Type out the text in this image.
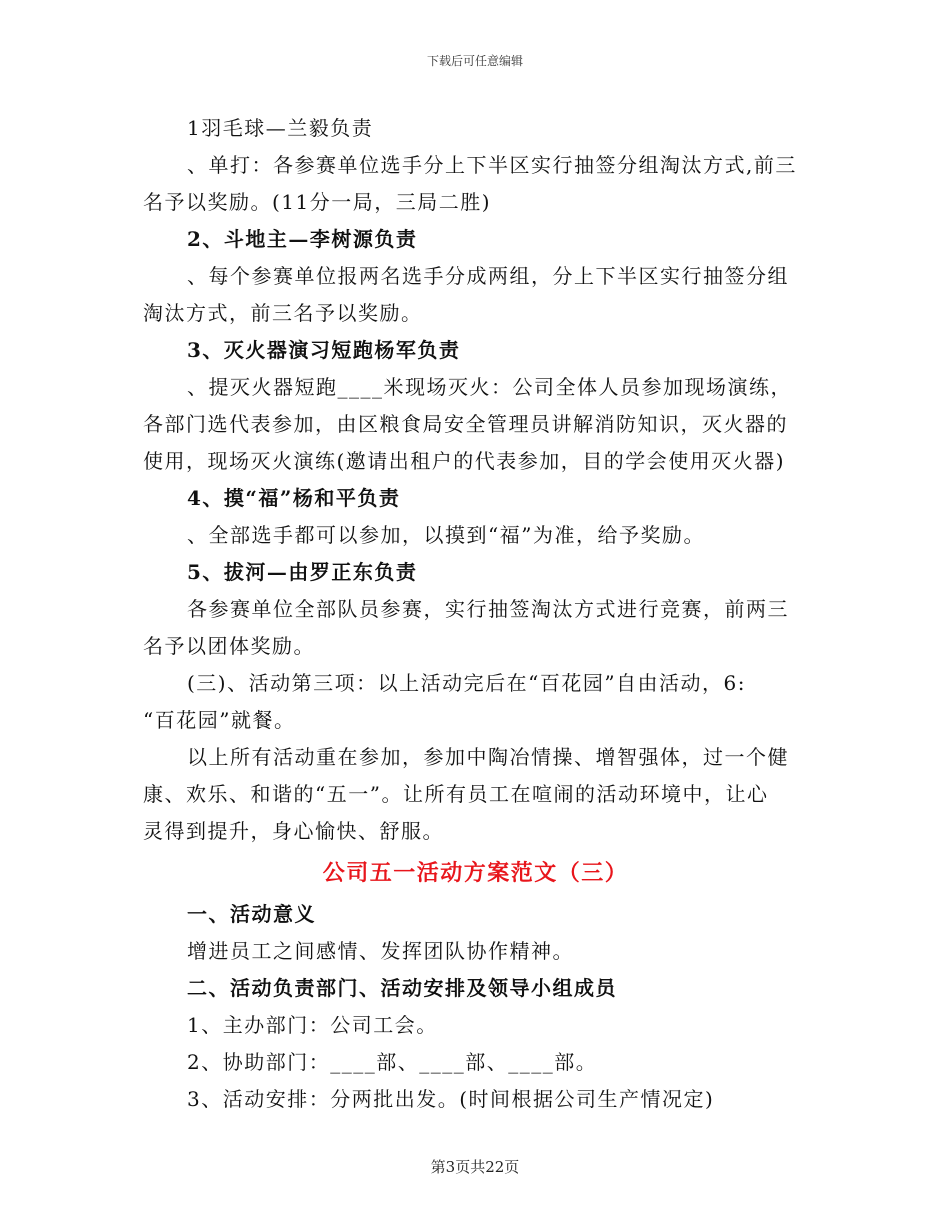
下载后可任意编辑
1羽毛球—兰毅负责
、单打：各参赛单位选手分上下半区实行抽签分组淘汰方式,前三
名予以奖励。(11分一局，三局二胜)
2、斗地主—李树源负责
、每个参赛单位报两名选手分成两组，分上下半区实行抽签分组
淘汰方式，前三名予以奖励。
3、灭火器演习短跑杨军负责
、提灭火器短跑____米现场灭火：公司全体人员参加现场演练，
各部门选代表参加，由区粮食局安全管理员讲解消防知识，灭火器的
使用，现场灭火演练(邀请出租户的代表参加，目的学会使用灭火器)
4、摸“福”杨和平负责
、全部选手都可以参加，以摸到“福”为准，给予奖励。
5、拔河—由罗正东负责
各参赛单位全部队员参赛，实行抽签淘汰方式进行竞赛，前两三
名予以团体奖励。
(三)、活动第三项：以上活动完后在“百花园”自由活动，6:
“百花园”就餐。
以上所有活动重在参加，参加中陶冶情操、增智强体，过一个健
康、欢乐、和谐的“五一”。让所有员工在喧闹的活动环境中，让心
灵得到提升，身心愉快、舒服。
公司五一活动方案范文（三）
一、活动意义
增进员工之间感情、发挥团队协作精神。
二、活动负责部门、活动安排及领导小组成员
1、主办部门：公司工会。
2、协助部门：____部、____部、____部。
3、活动安排：分两批出发。(时间根据公司生产情况定)
第3页共22页
